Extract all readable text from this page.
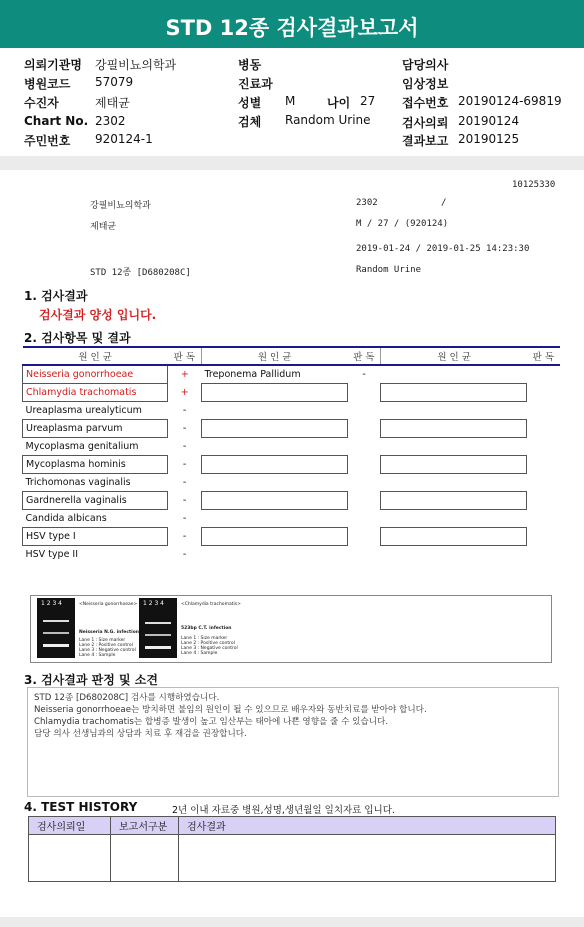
STD 12종 검사결과보고서
의뢰기관명 강필비뇨의학과
병원코드 57079
수진자	제태균
Chart No. 2302
주민번호 920124-1
병동
진료과
성별 M	나이 27
검체 Random Urine
담당의사
임상정보
접수번호 20190124-69819
검사의뢰 20190124
결과보고 20190125
10125330
강필비뇨의학과	2302	/
제태균	M / 27 / (920124)
2019-01-24 / 2019-01-25 14:23:30
STD 12종 [D680208C]	Random Urine
1. 검사결과
검사결과 양성 입니다.
2. 검사항목 및 결과
원 인 균	판 독	원 인 균	판 독	원 인 균	판 독
Neisseria gonorrhoeae	+	Treponema Pallidum	-		
Chlamydia trachomatis	+				
Ureaplasma urealyticum	-				
Ureaplasma parvum	-				
Mycoplasma genitalium	-				
Mycoplasma hominis	-				
Trichomonas vaginalis	-				
Gardnerella vaginalis	-				
Candida albicans	-				
HSV type I	-				
HSV type II	-				
1 2 3 4	<Neisseria gonorrhoeae>
Neisseria N.G. infection
Lane 1 : Size marker
Lane 2 : Positive control
Lane 3 : Negative control
Lane 4 : Sample
1 2 3 4	<Chlamydia trachomatis>
523bp C.T. infection
Lane 1 : Size marker
Lane 2 : Positive control
Lane 3 : Negative control
Lane 4 : Sample
3. 검사결과 판정 및 소견
STD 12종 [D680208C] 검사를 시행하였습니다.
Neisseria gonorrhoeae는 방치하면 불임의 원인이 될 수 있으므로 배우자와 동반치료를 받아야 합니다.
Chlamydia trachomatis는 합병증 발생이 높고 임산부는 태아에 나쁜 영향을 줄 수 있습니다.
담당 의사 선생님과의 상담과 치료 후 재검을 권장합니다.
4. TEST HISTORY	2년 이내 자료중 병원,성명,생년월일 일치자료 입니다.
검사의뢰일	보고서구분	검사결과
